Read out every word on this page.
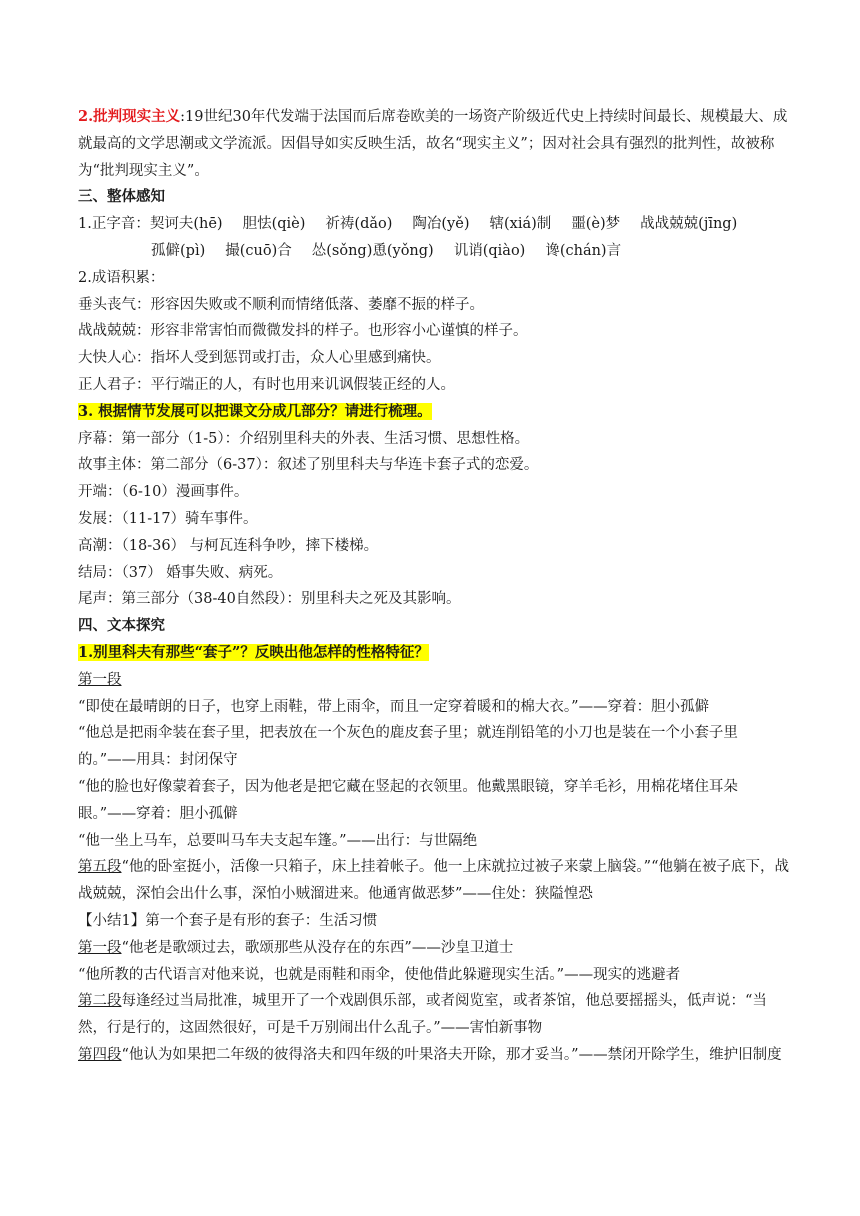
2.批判现实主义:19世纪30年代发端于法国而后席卷欧美的一场资产阶级近代史上持续时间最长、规模最大、成就最高的文学思潮或文学流派。因倡导如实反映生活，故名“现实主义”；因对社会具有强烈的批判性，故被称为“批判现实主义”。
三、整体感知
1.正字音： 契诃夫(hē) 胆怯(qiè) 祈祷(dǎo) 陶冶(yě) 辖(xiá)制 噩(è)梦 战战兢兢(jīng)
孤僻(pì) 撮(cuō)合 怂(sǒng)恿(yǒng) 讥诮(qiào) 谗(chán)言
2.成语积累：
垂头丧气：形容因失败或不顺利而情绪低落、萎靡不振的样子。
战战兢兢：形容非常害怕而微微发抖的样子。也形容小心谨慎的样子。
大快人心：指坏人受到惩罚或打击，众人心里感到痛快。
正人君子：平行端正的人，有时也用来讥讽假装正经的人。
3. 根据情节发展可以把课文分成几部分？请进行梳理。
序幕：第一部分（1-5）：介绍别里科夫的外表、生活习惯、思想性格。
故事主体：第二部分（6-37）：叙述了别里科夫与华连卡套子式的恋爱。
开端：（6-10）漫画事件。
发展：（11-17）骑车事件。
高潮：（18-36） 与柯瓦连科争吵，摔下楼梯。
结局：（37） 婚事失败、病死。
尾声：第三部分（38-40自然段）：别里科夫之死及其影响。
四、文本探究
1.别里科夫有那些“套子”？反映出他怎样的性格特征？
第一段
“即使在最晴朗的日子，也穿上雨鞋，带上雨伞，而且一定穿着暖和的棉大衣。”——穿着：胆小孤僻
“他总是把雨伞装在套子里，把表放在一个灰色的鹿皮套子里；就连削铅笔的小刀也是装在一个小套子里的。”——用具：封闭保守
“他的脸也好像蒙着套子，因为他老是把它藏在竖起的衣领里。他戴黑眼镜，穿羊毛衫，用棉花堵住耳朵眼。”——穿着：胆小孤僻
“他一坐上马车，总要叫马车夫支起车篷。”——出行：与世隔绝
第五段“他的卧室挺小，活像一只箱子，床上挂着帐子。他一上床就拉过被子来蒙上脑袋。”“他躺在被子底下，战战兢兢，深怕会出什么事，深怕小贼溜进来。他通宵做恶梦”——住处：狭隘惶恐
【小结1】第一个套子是有形的套子：生活习惯
第一段“他老是歌颂过去，歌颂那些从没存在的东西”——沙皇卫道士
“他所教的古代语言对他来说，也就是雨鞋和雨伞，使他借此躲避现实生活。”——现实的逃避者
第二段每逢经过当局批准，城里开了一个戏剧俱乐部，或者阅览室，或者茶馆，他总要摇摇头，低声说：“当然，行是行的，这固然很好，可是千万别闹出什么乱子。”——害怕新事物
第四段“他认为如果把二年级的彼得洛夫和四年级的叶果洛夫开除，那才妥当。”——禁闭开除学生，维护旧制度
